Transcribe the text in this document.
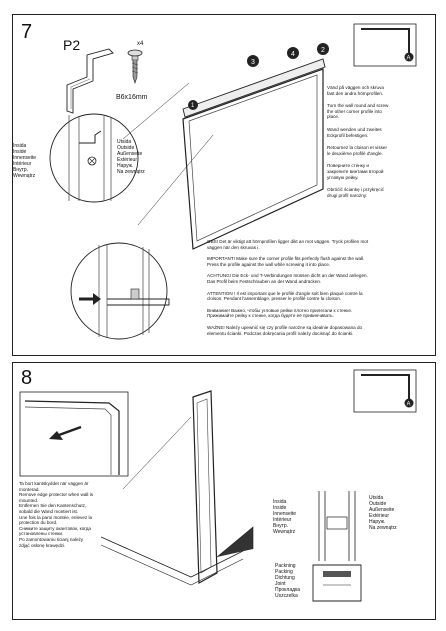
7
P2	x4
B6x16mm
Insida
Inside
Innenseite
Intérieur
Внутр.
Wewnątrz
Utsida
Outside
Außenseite
Extérieur
Наруж.
Na zewnątrz
1
2
3
4
A
Vänd på väggen och skruva
fast den andra hörnprofilen.
Turn the wall round and screw
the other corner profile into
place.
Wand wenden und zweites
Eckprofil befestigen.
Retournez la cloison et visser
le deuxième profilé d'angle.
Поверните стенку и
закрепите винтами второй
угловую рейку.
Obróćić ściankę i przykręcić
drugi profil narożny.
OBS! Det är viktigt att hörnprofilen ligger dikt an mot väggen. Tryck profilen mot
väggen när den skruvas i.
IMPORTANT! Make sure the corner profile fits perfectly flush against the wall.
Press the profile against the wall while screwing it into place.
ACHTUNG! Die Eck- und T-Verbindungen müssen dicht an der Wand anliegen.
Das Profil beim Festschrauben an der Wand andrücken.
ATTENTION ! Il est important que le profilé d'angle soit bien plaqué contre la
cloison. Pendant l'assemblage, presser le profilé contre la cloison.
Внимание! Важно, чтобы угловые рейки плотно прилегали к стенке.
Прижимайте рейку к стенке, когда будете её привинчивать.
WAŻNE! Należy upewnić się czy profile narożne są idealnie dopasowana do
elementu ścianki. Podczas dokręcania profil należy docisnąć do ścianki.
8
Ta bort kantskyddet när väggen är
monterad.
Remove edge protector when wall is
mounted.
Entfernen Sie den Kantenschutz,
sobald die Wand montiert ist.
Une fois la paroi montée, enlevez la
protection du bord.
Снимите защиту окантовок, когда
установлены стенки.
Po zamontowaniu ścianj należy
zdjąć osłonę krawędzi.
A
Insida
Inside
Innenseite
Intérieur
Внутр.
Wewnątrz
Utsida
Outside
Außenseite
Extérieur
Наруж.
Na zewnątrz
Packning
Packing
Dichtung
Joint
Прокладка
Uszczelka
